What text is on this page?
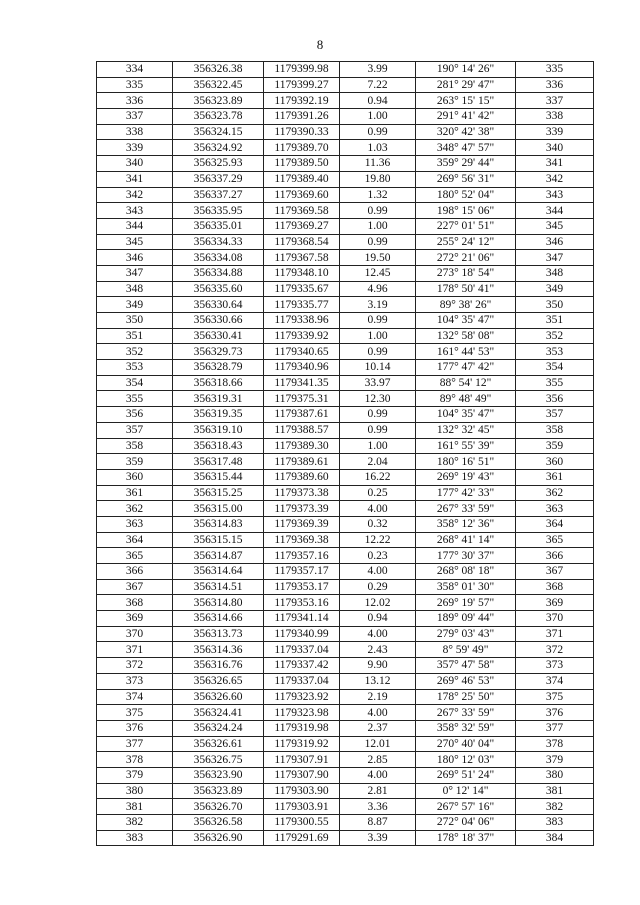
8
334	356326.38	1179399.98	3.99	190° 14' 26"	335
335	356322.45	1179399.27	7.22	281° 29' 47"	336
336	356323.89	1179392.19	0.94	263° 15' 15"	337
337	356323.78	1179391.26	1.00	291° 41' 42"	338
338	356324.15	1179390.33	0.99	320° 42' 38"	339
339	356324.92	1179389.70	1.03	348° 47' 57"	340
340	356325.93	1179389.50	11.36	359° 29' 44"	341
341	356337.29	1179389.40	19.80	269° 56' 31"	342
342	356337.27	1179369.60	1.32	180° 52' 04"	343
343	356335.95	1179369.58	0.99	198° 15' 06"	344
344	356335.01	1179369.27	1.00	227° 01' 51"	345
345	356334.33	1179368.54	0.99	255° 24' 12"	346
346	356334.08	1179367.58	19.50	272° 21' 06"	347
347	356334.88	1179348.10	12.45	273° 18' 54"	348
348	356335.60	1179335.67	4.96	178° 50' 41"	349
349	356330.64	1179335.77	3.19	89° 38' 26"	350
350	356330.66	1179338.96	0.99	104° 35' 47"	351
351	356330.41	1179339.92	1.00	132° 58' 08"	352
352	356329.73	1179340.65	0.99	161° 44' 53"	353
353	356328.79	1179340.96	10.14	177° 47' 42"	354
354	356318.66	1179341.35	33.97	88° 54' 12"	355
355	356319.31	1179375.31	12.30	89° 48' 49"	356
356	356319.35	1179387.61	0.99	104° 35' 47"	357
357	356319.10	1179388.57	0.99	132° 32' 45"	358
358	356318.43	1179389.30	1.00	161° 55' 39"	359
359	356317.48	1179389.61	2.04	180° 16' 51"	360
360	356315.44	1179389.60	16.22	269° 19' 43"	361
361	356315.25	1179373.38	0.25	177° 42' 33"	362
362	356315.00	1179373.39	4.00	267° 33' 59"	363
363	356314.83	1179369.39	0.32	358° 12' 36"	364
364	356315.15	1179369.38	12.22	268° 41' 14"	365
365	356314.87	1179357.16	0.23	177° 30' 37"	366
366	356314.64	1179357.17	4.00	268° 08' 18"	367
367	356314.51	1179353.17	0.29	358° 01' 30"	368
368	356314.80	1179353.16	12.02	269° 19' 57"	369
369	356314.66	1179341.14	0.94	189° 09' 44"	370
370	356313.73	1179340.99	4.00	279° 03' 43"	371
371	356314.36	1179337.04	2.43	8° 59' 49"	372
372	356316.76	1179337.42	9.90	357° 47' 58"	373
373	356326.65	1179337.04	13.12	269° 46' 53"	374
374	356326.60	1179323.92	2.19	178° 25' 50"	375
375	356324.41	1179323.98	4.00	267° 33' 59"	376
376	356324.24	1179319.98	2.37	358° 32' 59"	377
377	356326.61	1179319.92	12.01	270° 40' 04"	378
378	356326.75	1179307.91	2.85	180° 12' 03"	379
379	356323.90	1179307.90	4.00	269° 51' 24"	380
380	356323.89	1179303.90	2.81	0° 12' 14"	381
381	356326.70	1179303.91	3.36	267° 57' 16"	382
382	356326.58	1179300.55	8.87	272° 04' 06"	383
383	356326.90	1179291.69	3.39	178° 18' 37"	384
